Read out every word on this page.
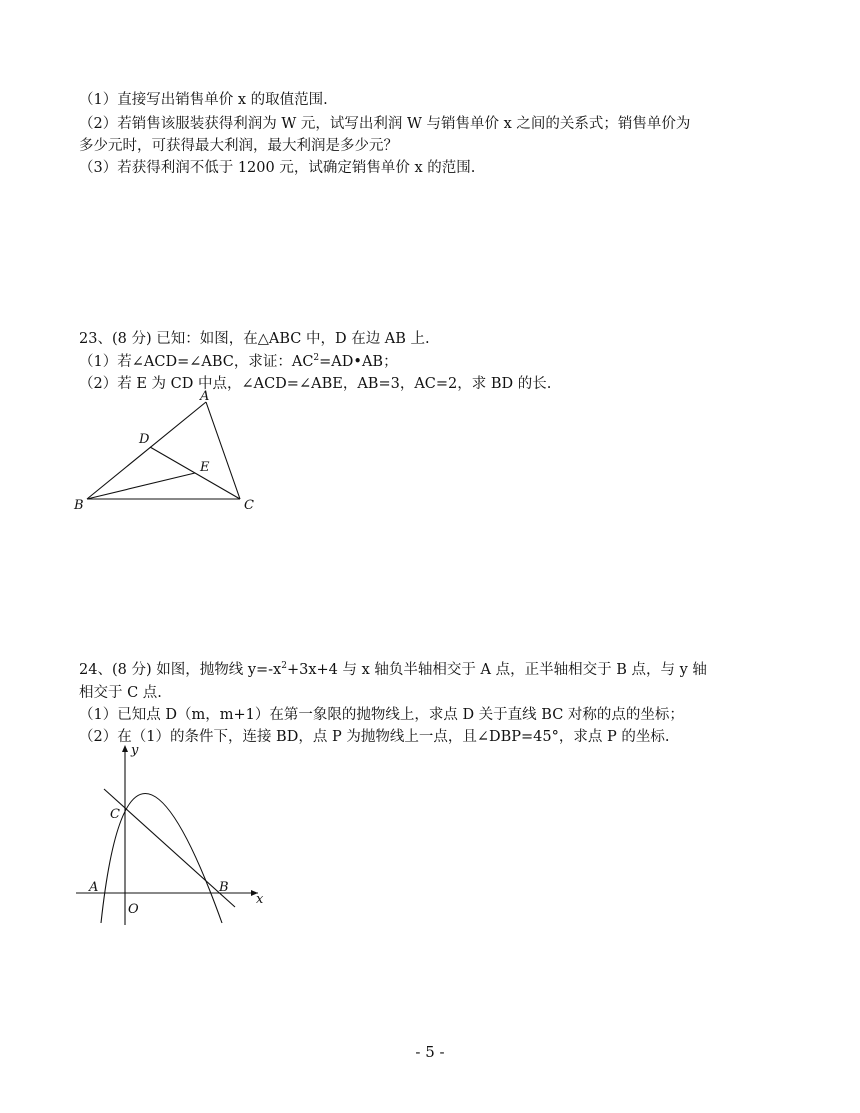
（1）直接写出销售单价 x 的取值范围.
（2）若销售该服装获得利润为 W 元，试写出利润 W 与销售单价 x 之间的关系式；销售单价为
多少元时，可获得最大利润，最大利润是多少元？
（3）若获得利润不低于 1200 元，试确定销售单价 x 的范围.
23、(8 分) 已知：如图，在△ABC 中，D 在边 AB 上.
（1）若∠ACD=∠ABC，求证：$AC^2=AD•AB$；
（2）若 E 为 CD 中点，∠ACD=∠ABE，AB=3，AC=2，求 BD 的长.
A
B	C
D
E
24、(8 分) 如图，抛物线 $y=-x^2+3x+4$ 与 x 轴负半轴相交于 A 点，正半轴相交于 B 点，与 y 轴
相交于 C 点.
（1）已知点 D（m，m+1）在第一象限的抛物线上，求点 D 关于直线 BC 对称的点的坐标；
（2）在（1）的条件下，连接 BD，点 P 为抛物线上一点，且∠DBP=45°，求点 P 的坐标.
y
x
A	B
C
O
- 5 -
